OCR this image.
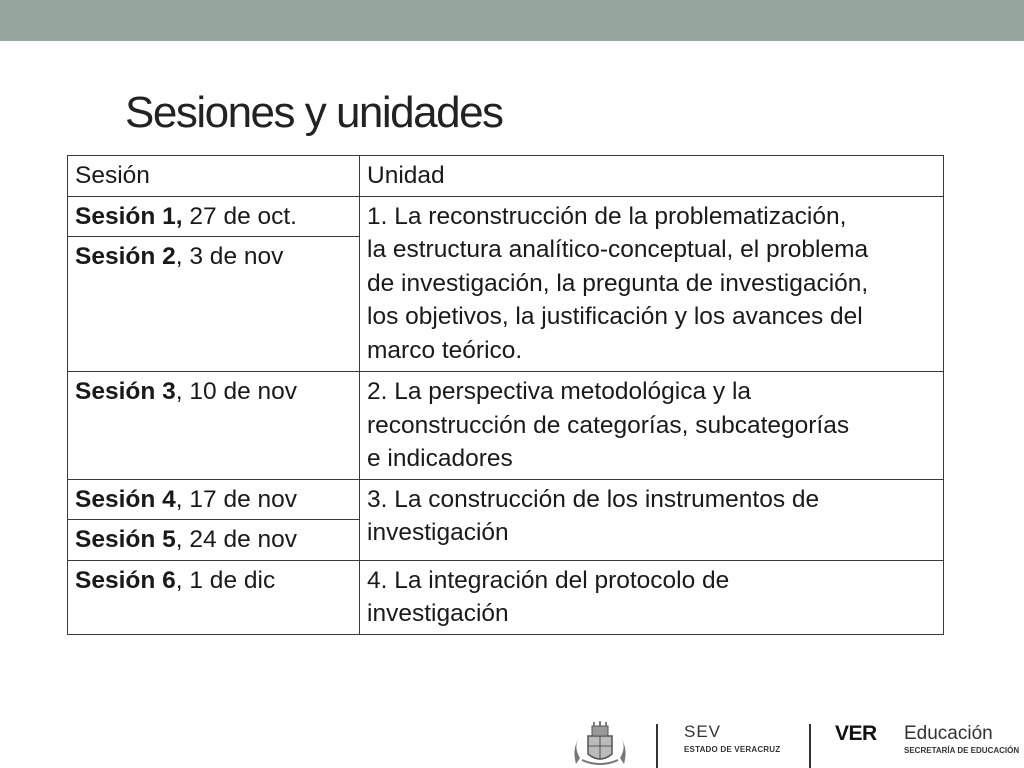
Sesiones y unidades
Sesión	Unidad
Sesión 1, 27 de oct.	1. La reconstrucción de la problematización,
la estructura analítico-conceptual, el problema
de investigación, la pregunta de investigación,
los objetivos, la justificación y los avances del
marco teórico.

Sesión 2, 3 de nov	
Sesión 3, 10 de nov	2. La perspectiva metodológica y la
reconstrucción de categorías, subcategorías
e indicadores

Sesión 4, 17 de nov	3. La construcción de los instrumentos de
investigación

Sesión 5, 24 de nov	
Sesión 6, 1 de dic	4. La integración del protocolo de
investigación
SEV
ESTADO DE VERACRUZ
VER Educación
SECRETARÍA DE EDUCACIÓN
